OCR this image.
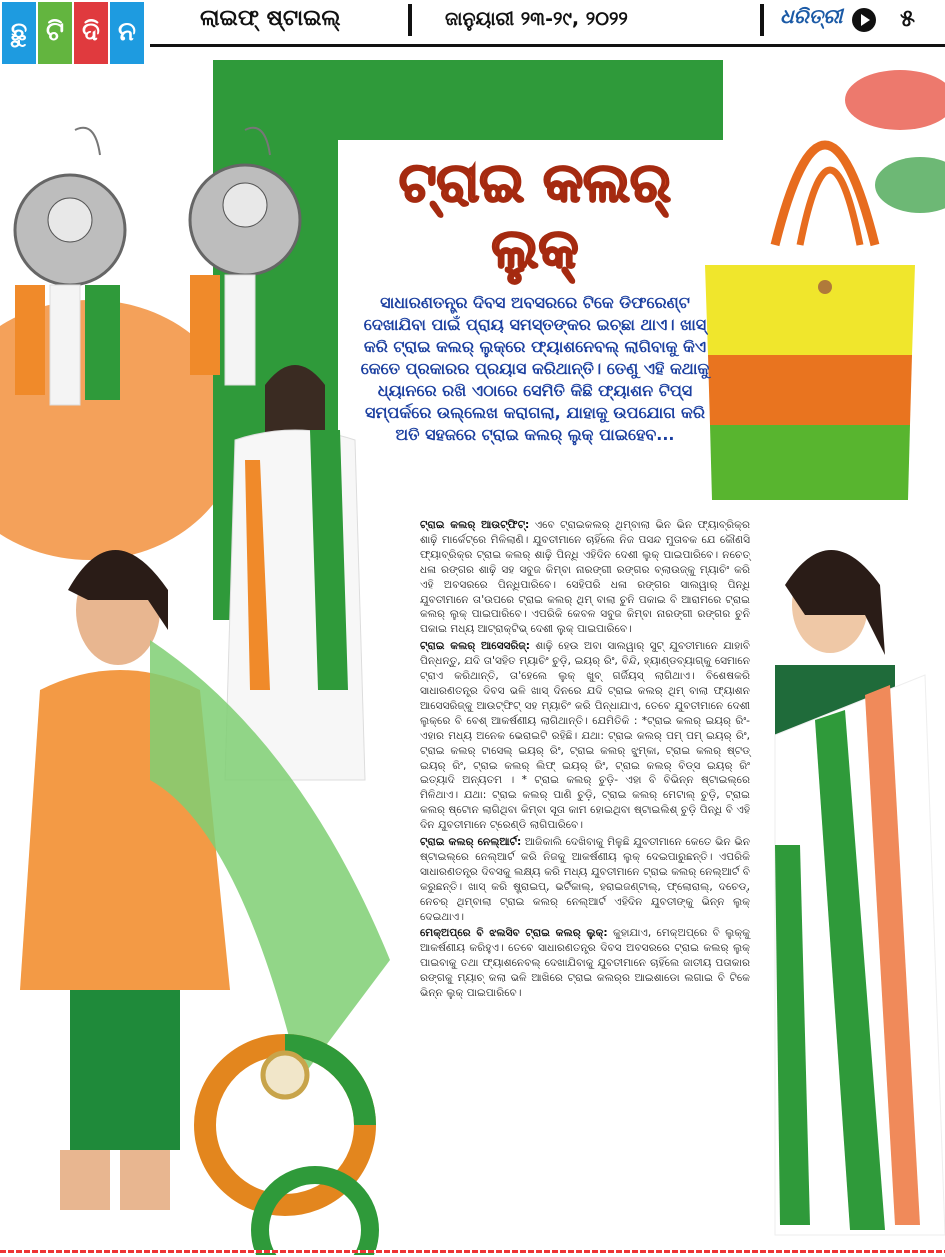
ଛୁ ଟି ଦି ନ	ଲାଇଫ୍ ଷ୍ଟାଇଲ୍	ଜାନୁୟାରୀ ୨୩-୨୯, ୨୦୨୨	ଧରିତ୍ରୀ ୫
ଟ୍ରାଇ କଲର୍
ଲୁକ୍
ସାଧାରଣତନ୍ତ୍ର ଦିବସ ଅବସରରେ ଟିକେ ଡିଫରେଣ୍ଟ ଦେଖାଯିବା ପାଇଁ ପ୍ରାୟ ସମସ୍ତଙ୍କର ଇଚ୍ଛା ଥାଏ। ଖାସ୍ କରି ଟ୍ରାଇ କଲର୍ ଲୁକ୍‌ରେ ଫ୍ୟାଶନେବଲ୍ ଲାଗିବାକୁ କିଏ କେତେ ପ୍ରକାରର ପ୍ରୟାସ କରିଥାନ୍ତି। ତେଣୁ ଏହି କଥାକୁ ଧ୍ୟାନରେ ରଖି ଏଠାରେ ସେମିତି କିଛି ଫ୍ୟାଶନ ଟିପ୍ସ ସମ୍ପର୍କରେ ଉଲ୍ଲେଖ କରାଗଲା, ଯାହାକୁ ଉପଯୋଗ କରି ଅତି ସହଜରେ ଟ୍ରାଇ କଲର୍ ଲୁକ୍ ପାଇହେବ...

ଟ୍ରାଇ କଲର୍ ଆଉଟ୍‌ଫିଟ୍: ଏବେ ଟ୍ରାଇକଲର୍ ଥିମ୍‌ବାଲା ଭିନ ଭିନ ଫ୍ୟାବ୍ରିକ୍‌ର ଶାଢ଼ି ମାର୍କେଟ୍‌ରେ ମିଳିଲାଣି। ଯୁବତୀମାନେ ଚାହିଁଲେ ନିଜ ପସନ୍ଦ ମୁତାବକ ଯେ କୌଣସି ଫ୍ୟାବ୍ରିକ୍‌ର ଟ୍ରାଇ କଲର୍ ଶାଢ଼ି ପିନ୍ଧି ଏହିଦିନ ଦେଶୀ ଲୁକ୍ ପାଇପାରିବେ। ନଚେତ୍ ଧଳା ରଙ୍ଗର ଶାଢ଼ି ସହ ସବୁଜ କିମ୍ବା ନାରଙ୍ଗୀ ରଙ୍ଗର ବ୍ଲାଉଜ୍‌କୁ ମ୍ୟାଚିଂ କରି ଏହି ଅବସରରେ ପିନ୍ଧିପାରିବେ। ସେହିପରି ଧଳା ରଙ୍ଗର ସାଲୱାର୍ ପିନ୍ଧି ଯୁବତୀମାନେ ତା'ଉପରେ ଟ୍ରାଇ କଲର୍ ଥିମ୍ ବାଲା ଚୁନି ପକାଇ ବି ଆରାମରେ ଟ୍ରାଇ କଲର୍ ଲୁକ୍ ପାଇପାରିବେ। ଏପରିକି କେବଳ ସବୁଜ କିମ୍ବା ନାରଙ୍ଗୀ ରଙ୍ଗର ଚୁନି ପକାଇ ମଧ୍ୟ ଆଟ୍ରାକ୍ଟିଭ୍ ଦେଶୀ ଲୁକ୍ ପାଇପାରିବେ।

ଟ୍ରାଇ କଲର୍ ଆସେସରିଜ୍: ଶାଢ଼ି ହେଉ ଅବା ସାଲୱାର୍ ସୁଟ୍ ଯୁବତୀମାନେ ଯାହାବି ପିନ୍ଧନ୍ତୁ, ଯଦି ତା'ସହିତ ମ୍ୟାଚିଂ ଚୁଡ଼ି, ଇୟର୍ ରିଂ, ବିନ୍ଦି, ହ୍ୟାଣ୍ଡବ୍ୟାଗ୍‌କୁ ସେମାନେ ଟ୍ରାଏ କରିଥାନ୍ତି, ତା'ହେଲେ ଲୁକ୍ ଖୁବ୍ ଗର୍ଜିୟସ୍ ଲାଗିଥାଏ। ବିଶେଷକରି ସାଧାରଣତନ୍ତ୍ର ଦିବସ ଭଳି ଖାସ୍ ଦିନରେ ଯଦି ଟ୍ରାଇ କଲର୍ ଥିମ୍ ବାଲା ଫ୍ୟାଶନ ଆସେସରିଜ୍‌କୁ ଆଉଟ୍‌ଫିଟ୍ ସହ ମ୍ୟାଚିଂ କରି ପିନ୍ଧାଯାଏ, ତେବେ ଯୁବତୀମାନେ ଦେଶୀ ଲୁକ୍‌ରେ ବି ବେଶ୍ ଆକର୍ଷଣୀୟ ଲାଗିଥାନ୍ତି। ଯେମିତିକି : *ଟ୍ରାଇ କଲର୍ ଇୟର୍ ରିଂ- ଏହାର ମଧ୍ୟ ଅନେକ ଭେରାଇଟି ରହିଛି। ଯଥା: ଟ୍ରାଇ କଲର୍ ପମ୍ ପମ୍ ଇୟର୍ ରିଂ, ଟ୍ରାଇ କଲର୍ ଟାସେଲ୍ ଇୟର୍ ରିଂ, ଟ୍ରାଇ କଲର୍ ଝୁମ୍କା, ଟ୍ରାଇ କଲର୍ ଷ୍ଟଡ୍ ଇୟର୍ ରିଂ, ଟ୍ରାଇ କଲର୍ ଲିଫ୍ ଇୟର୍ ରିଂ, ଟ୍ରାଇ କଲର୍ ବିଡ୍ସ ଇୟର୍ ରିଂ ଇତ୍ୟାଦି ଅନ୍ୟତମ । * ଟ୍ରାଇ କଲର୍ ଚୁଡ଼ି- ଏହା ବି ବିଭିନ୍ନ ଷ୍ଟାଇଲ୍‌ରେ ମିଳିଥାଏ। ଯଥା: ଟ୍ରାଇ କଲର୍ ପାଣି ଚୁଡ଼ି, ଟ୍ରାଇ କଲର୍ ମେଟାଲ୍ ଚୁଡ଼ି, ଟ୍ରାଇ କଲର୍ ଷ୍ଟୋନ ଲାଗିଥିବା କିମ୍ବା ସୂତା କାମ ହୋଇଥିବା ଷ୍ଟାଇଲିଶ୍ ଚୁଡ଼ି ପିନ୍ଧି ବି ଏହି ଦିନ ଯୁବତୀମାନେ ଟ୍ରେଣ୍ଡି ଲାଗିପାରିବେ।

ଟ୍ରାଇ କଲର୍ ନେଲ୍‌ଆର୍ଟ: ଆଜିକାଲି ଦେଖିବାକୁ ମିଳୁଛି ଯୁବତୀମାନେ କେତେ ଭିନ ଭିନ ଷ୍ଟାଇଲ୍‌ରେ ନେଲ୍‌ଆର୍ଟ କରି ନିଜକୁ ଆକର୍ଷଣୀୟ ଲୁକ୍ ଦେଇପାରୁଛନ୍ତି। ଏପରିକି ସାଧାରଣତନ୍ତ୍ର ଦିବସକୁ ଲକ୍ଷ୍ୟ କରି ମଧ୍ୟ ଯୁବତୀମାନେ ଟ୍ରାଇ କଲର୍ ନେଲ୍‌ଆର୍ଟ ବି କରୁଛନ୍ତି। ଖାସ୍ କରି ଷ୍ଟ୍ରାଇପ୍, ଭର୍ଟିକାଲ୍, ହରାଇଜଣ୍ଟାଲ୍, ଫ୍ଲୋରାଲ୍, ଦଚେଡ୍, ନେଚର୍ ଥିମ୍‌ବାଲା ଟ୍ରାଇ କଲର୍ ନେଲ୍‌ଆର୍ଟ ଏହିଦିନ ଯୁବତୀଙ୍କୁ ଭିନ୍ନ ଲୁକ୍ ଦେଇଥାଏ।

ମେକ୍‌ଅପ୍‌ରେ ବି ଝଲସିବ ଟ୍ରାଇ କଲର୍ ଲୁକ୍: କୁହାଯାଏ, ମେକ୍‌ଅପ୍‌ରେ ବି ଲୁକ୍‌କୁ ଆକର୍ଷଣୀୟ କରିହୁଏ। ତେବେ ସାଧାରଣତନ୍ତ୍ର ଦିବସ ଅବସରରେ ଟ୍ରାଇ କଲର୍ ଲୁକ୍ ପାଇବାକୁ ତଥା ଫ୍ୟାଶନେବଲ୍ ଦେଖାଯିବାକୁ ଯୁବତୀମାନେ ଚାହିଁଲେ ଜାତୀୟ ପତାକାର ରଙ୍ଗକୁ ମ୍ୟାଚ୍ କଲା ଭଳି ଆଖିରେ ଟ୍ରାଇ କଲର୍‌ର ଆଇଶାଡୋ ଲଗାଇ ବି ଟିକେ ଭିନ୍ନ ଲୁକ୍ ପାଇପାରିବେ।
